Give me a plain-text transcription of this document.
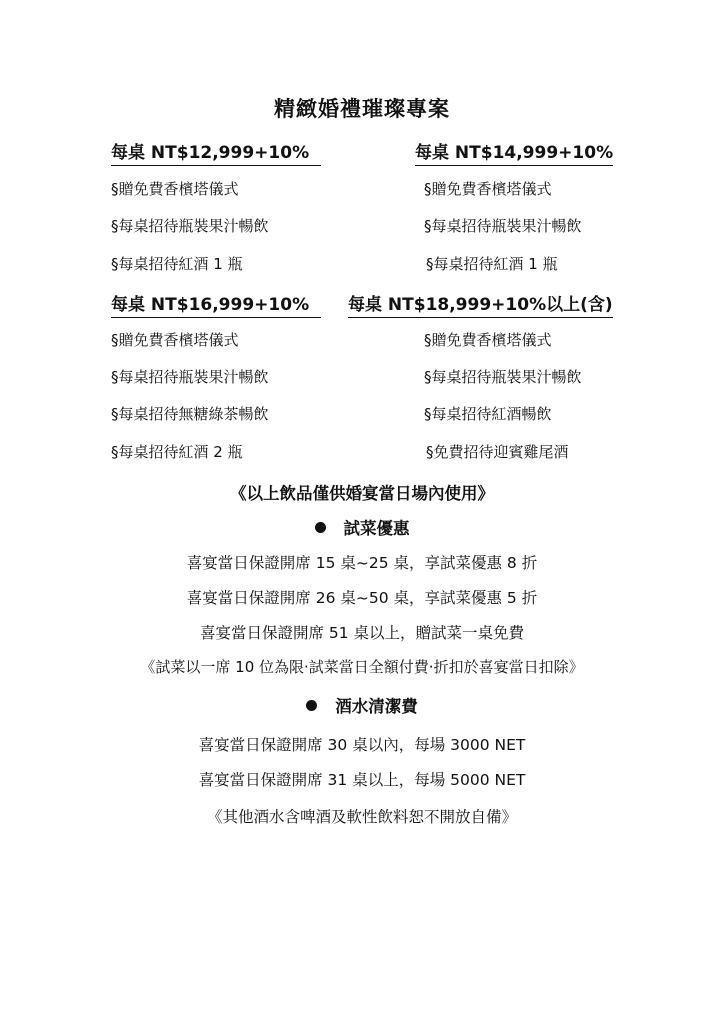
精緻婚禮璀璨專案
每桌 NT$12,999+10%
§贈免費香檳塔儀式
§每桌招待瓶裝果汁暢飲
§每桌招待紅酒 1 瓶
每桌 NT$14,999+10%
§贈免費香檳塔儀式
§每桌招待瓶裝果汁暢飲
§每桌招待紅酒 1 瓶
每桌 NT$16,999+10%
§贈免費香檳塔儀式
§每桌招待瓶裝果汁暢飲
§每桌招待無糖綠茶暢飲
§每桌招待紅酒 2 瓶
每桌 NT$18,999+10%以上(含)
§贈免費香檳塔儀式
§每桌招待瓶裝果汁暢飲
§每桌招待紅酒暢飲
§免費招待迎賓雞尾酒
《以上飲品僅供婚宴當日場內使用》
試菜優惠
喜宴當日保證開席 15 桌~25 桌，享試菜優惠 8 折
喜宴當日保證開席 26 桌~50 桌，享試菜優惠 5 折
喜宴當日保證開席 51 桌以上，贈試菜一桌免費
《試菜以一席 10 位為限‧試菜當日全額付費‧折扣於喜宴當日扣除》
酒水清潔費
喜宴當日保證開席 30 桌以內，每場 3000 NET
喜宴當日保證開席 31 桌以上，每場 5000 NET
《其他酒水含啤酒及軟性飲料恕不開放自備》
